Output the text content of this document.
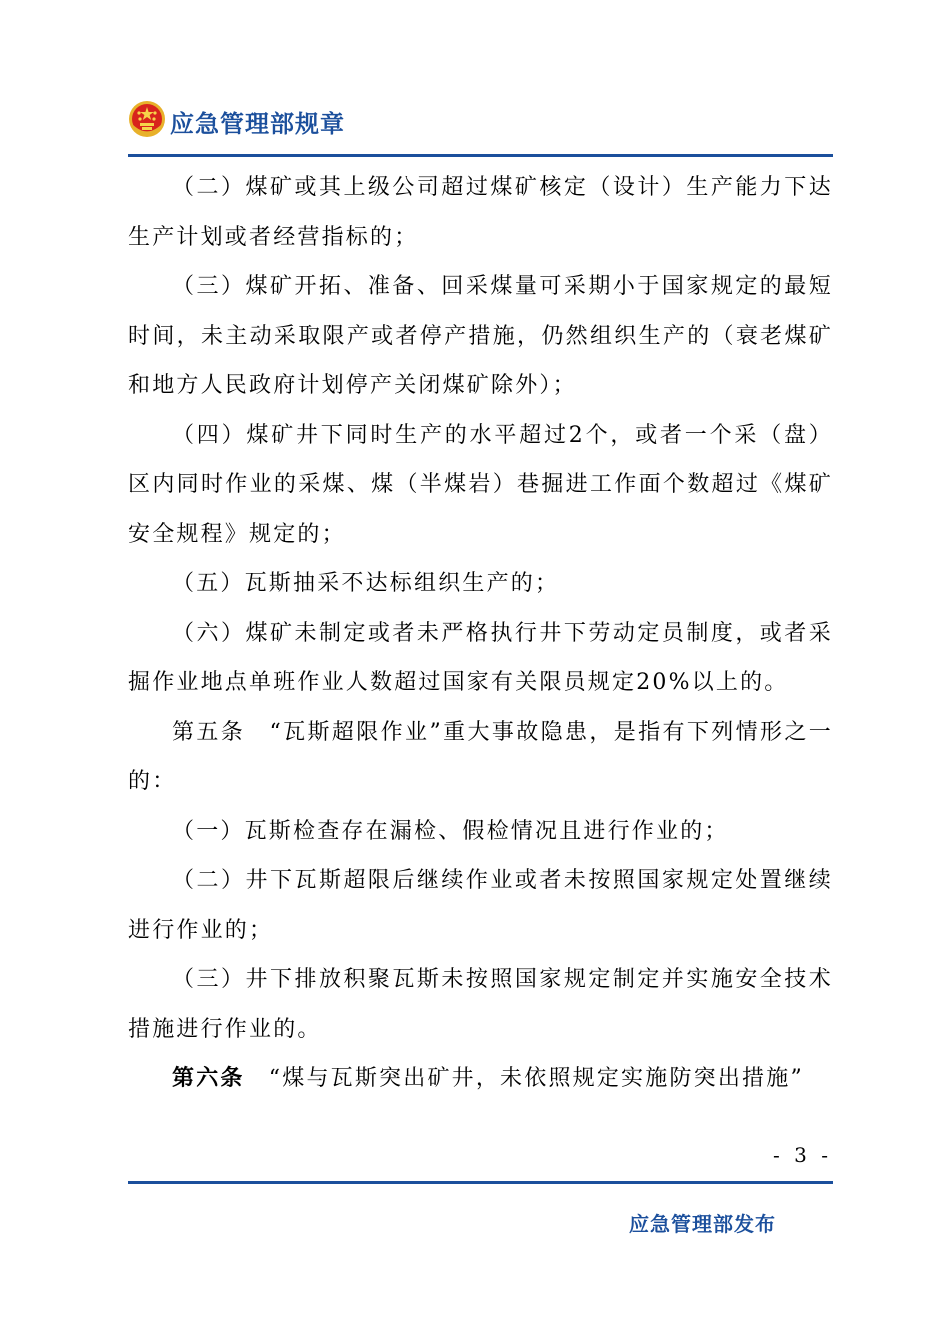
应急管理部规章

（二）煤矿或其上级公司超过煤矿核定（设计）生产能力下达生产计划或者经营指标的；

（三）煤矿开拓、准备、回采煤量可采期小于国家规定的最短时间，未主动采取限产或者停产措施，仍然组织生产的（衰老煤矿和地方人民政府计划停产关闭煤矿除外）；

（四）煤矿井下同时生产的水平超过2个，或者一个采（盘）区内同时作业的采煤、煤（半煤岩）巷掘进工作面个数超过《煤矿安全规程》规定的；

（五）瓦斯抽采不达标组织生产的；

（六）煤矿未制定或者未严格执行井下劳动定员制度，或者采掘作业地点单班作业人数超过国家有关限员规定20%以上的。

第五条　“瓦斯超限作业”重大事故隐患，是指有下列情形之一的：

（一）瓦斯检查存在漏检、假检情况且进行作业的；

（二）井下瓦斯超限后继续作业或者未按照国家规定处置继续进行作业的；

（三）井下排放积聚瓦斯未按照国家规定制定并实施安全技术措施进行作业的。

第六条　“煤与瓦斯突出矿井，未依照规定实施防突出措施”

- 3 -
应急管理部发布
